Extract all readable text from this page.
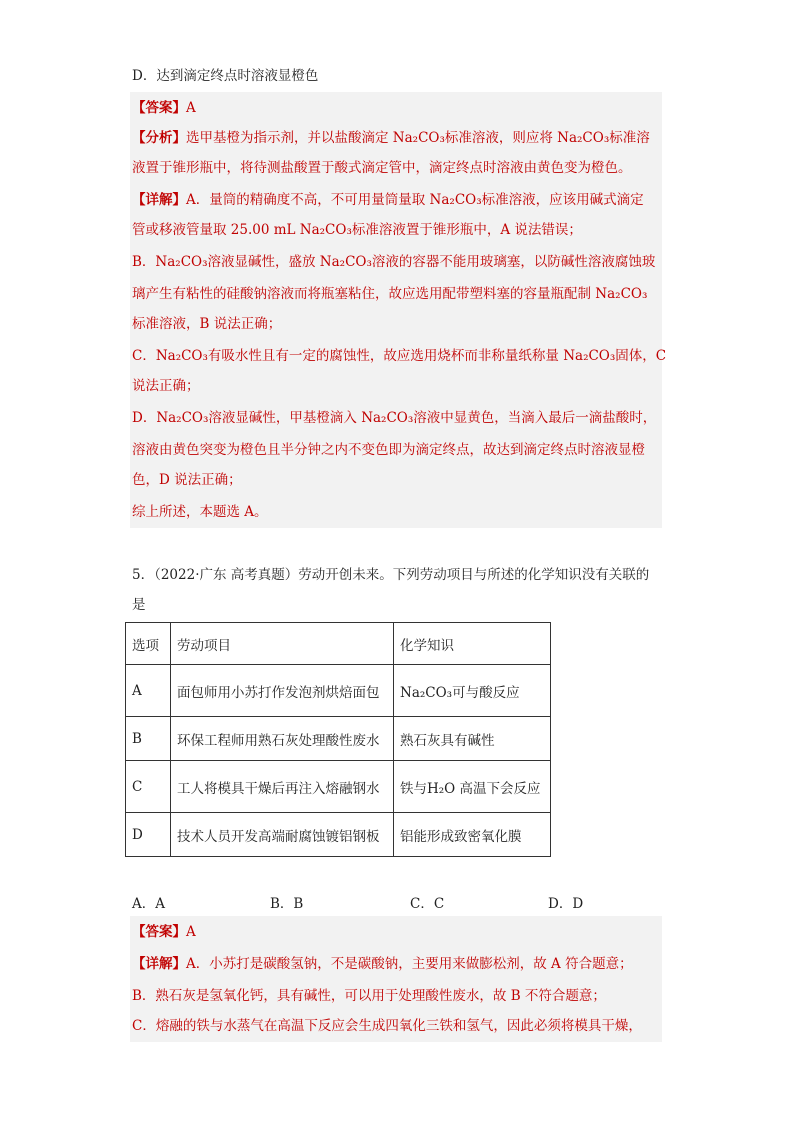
D．达到滴定终点时溶液显橙色
【答案】A
【分析】选甲基橙为指示剂，并以盐酸滴定 Na₂CO₃标准溶液，则应将 Na₂CO₃标准溶
液置于锥形瓶中，将待测盐酸置于酸式滴定管中，滴定终点时溶液由黄色变为橙色。
【详解】A．量筒的精确度不高，不可用量筒量取 Na₂CO₃标准溶液，应该用碱式滴定
管或移液管量取 25.00 mL Na₂CO₃标准溶液置于锥形瓶中，A 说法错误；
B．Na₂CO₃溶液显碱性，盛放 Na₂CO₃溶液的容器不能用玻璃塞，以防碱性溶液腐蚀玻
璃产生有粘性的硅酸钠溶液而将瓶塞粘住，故应选用配带塑料塞的容量瓶配制 Na₂CO₃
标准溶液，B 说法正确；
C．Na₂CO₃有吸水性且有一定的腐蚀性，故应选用烧杯而非称量纸称量 Na₂CO₃固体，C
说法正确；
D．Na₂CO₃溶液显碱性，甲基橙滴入 Na₂CO₃溶液中显黄色，当滴入最后一滴盐酸时，
溶液由黄色突变为橙色且半分钟之内不变色即为滴定终点，故达到滴定终点时溶液显橙
色，D 说法正确；
综上所述，本题选 A。
5．（2022·广东 高考真题）劳动开创未来。下列劳动项目与所述的化学知识没有关联的
是
选项	劳动项目	化学知识
A	面包师用小苏打作发泡剂烘焙面包	Na₂CO₃可与酸反应
B	环保工程师用熟石灰处理酸性废水	熟石灰具有碱性
C	工人将模具干燥后再注入熔融钢水	铁与H₂O 高温下会反应
D	技术人员开发高端耐腐蚀镀铝钢板	铝能形成致密氧化膜
A．A	B．B	C．C	D．D
【答案】A
【详解】A．小苏打是碳酸氢钠，不是碳酸钠，主要用来做膨松剂，故 A 符合题意；
B．熟石灰是氢氧化钙，具有碱性，可以用于处理酸性废水，故 B 不符合题意；
C．熔融的铁与水蒸气在高温下反应会生成四氧化三铁和氢气，因此必须将模具干燥，
